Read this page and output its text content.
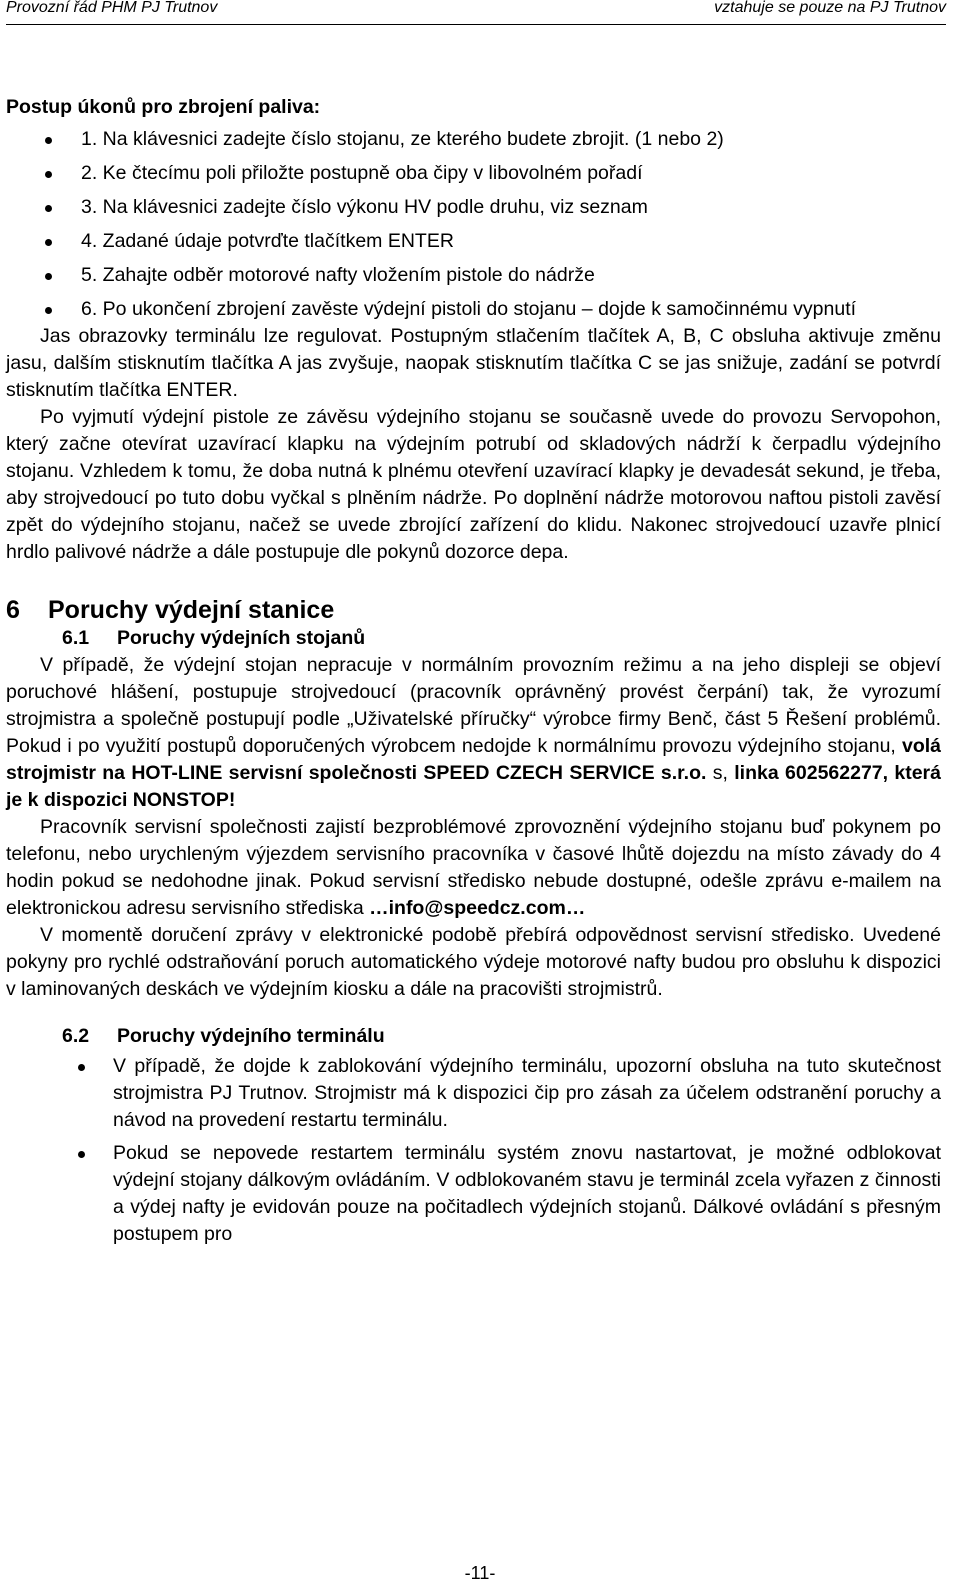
Provozní řád PHM PJ Trutnov	vztahuje se pouze na PJ Trutnov

Postup úkonů pro zbrojení paliva:

1. Na klávesnici zadejte číslo stojanu, ze kterého budete zbrojit. (1 nebo 2)
2. Ke čtecímu poli přiložte postupně oba čipy v libovolném pořadí
3. Na klávesnici zadejte číslo výkonu HV podle druhu, viz seznam
4. Zadané údaje potvrďte tlačítkem ENTER
5. Zahajte odběr motorové nafty vložením pistole do nádrže
6. Po ukončení zbrojení zavěste výdejní pistoli do stojanu – dojde k samočinnému vypnutí

Jas obrazovky terminálu lze regulovat. Postupným stlačením tlačítek A, B, C obsluha aktivuje změnu jasu, dalším stisknutím tlačítka A jas zvyšuje, naopak stisknutím tlačítka C se jas snižuje, zadání se potvrdí stisknutím tlačítka ENTER.

Po vyjmutí výdejní pistole ze závěsu výdejního stojanu se současně uvede do provozu Servopohon, který začne otevírat uzavírací klapku na výdejním potrubí od skladových nádrží k čerpadlu výdejního stojanu. Vzhledem k tomu, že doba nutná k plnému otevření uzavírací klapky je devadesát sekund, je třeba, aby strojvedoucí po tuto dobu vyčkal s plněním nádrže. Po doplnění nádrže motorovou naftou pistoli zavěsí zpět do výdejního stojanu, načež se uvede zbrojící zařízení do klidu. Nakonec strojvedoucí uzavře plnicí hrdlo palivové nádrže a dále postupuje dle pokynů dozorce depa.

6 Poruchy výdejní stanice
6.1 Poruchy výdejních stojanů

V případě, že výdejní stojan nepracuje v normálním provozním režimu a na jeho displeji se objeví poruchové hlášení, postupuje strojvedoucí (pracovník oprávněný provést čerpání) tak, že vyrozumí strojmistra a společně postupují podle „Uživatelské příručky“ výrobce firmy Benč, část 5 Řešení problémů. Pokud i po využití postupů doporučených výrobcem nedojde k normálnímu provozu výdejního stojanu, volá strojmistr na HOT-LINE servisní společnosti SPEED CZECH SERVICE s.r.o. s, linka 602562277, která je k dispozici NONSTOP!

Pracovník servisní společnosti zajistí bezproblémové zprovoznění výdejního stojanu buď pokynem po telefonu, nebo urychleným výjezdem servisního pracovníka v časové lhůtě dojezdu na místo závady do 4 hodin pokud se nedohodne jinak. Pokud servisní středisko nebude dostupné, odešle zprávu e-mailem na elektronickou adresu servisního střediska …info@speedcz.com…

V momentě doručení zprávy v elektronické podobě přebírá odpovědnost servisní středisko. Uvedené pokyny pro rychlé odstraňování poruch automatického výdeje motorové nafty budou pro obsluhu k dispozici v laminovaných deskách ve výdejním kiosku a dále na pracovišti strojmistrů.

6.2 Poruchy výdejního terminálu
V případě, že dojde k zablokování výdejního terminálu, upozorní obsluha na tuto skutečnost strojmistra PJ Trutnov. Strojmistr má k dispozici čip pro zásah za účelem odstranění poruchy a návod na provedení restartu terminálu.
Pokud se nepovede restartem terminálu systém znovu nastartovat, je možné odblokovat výdejní stojany dálkovým ovládáním. V odblokovaném stavu je terminál zcela vyřazen z činnosti a výdej nafty je evidován pouze na počitadlech výdejních stojanů. Dálkové ovládání s přesným postupem pro
-11-
